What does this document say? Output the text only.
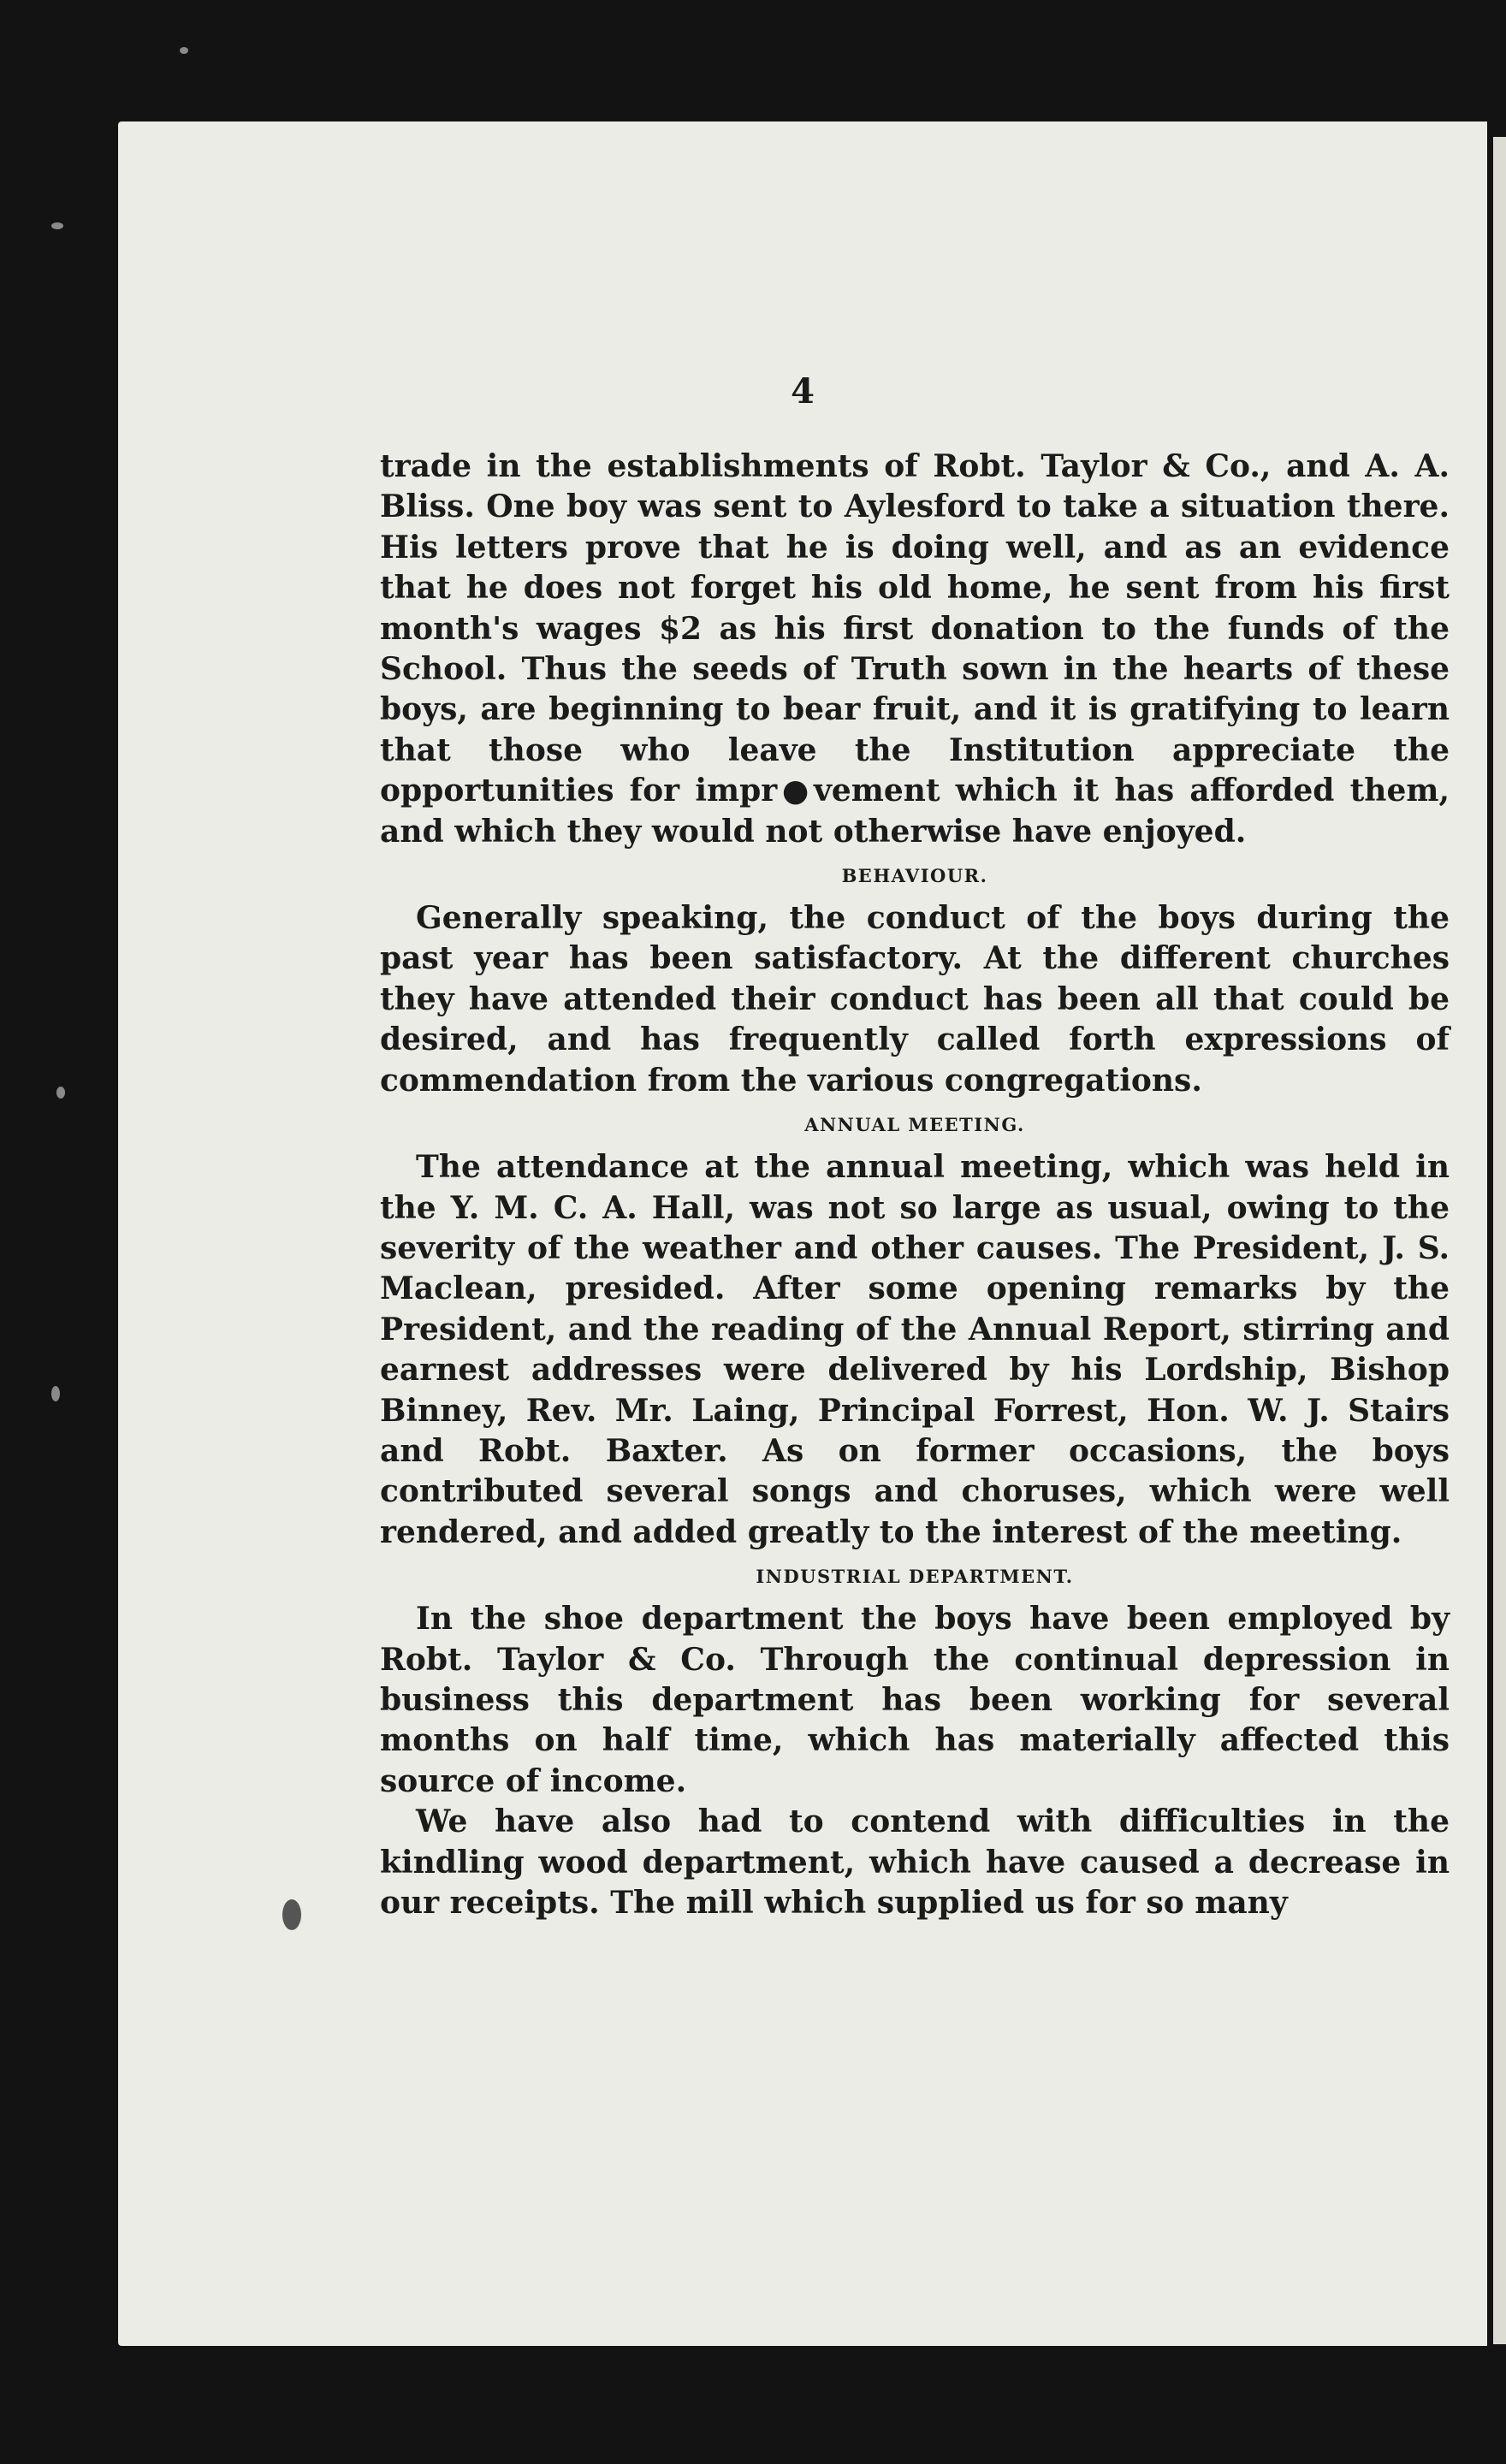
4

trade in the establishments of Robt. Taylor & Co., and A. A. Bliss. One boy was sent to Aylesford to take a situation there. His letters prove that he is doing well, and as an evidence that he does not forget his old home, he sent from his first month's wages $2 as his first donation to the funds of the School. Thus the seeds of Truth sown in the hearts of these boys, are beginning to bear fruit, and it is gratifying to learn that those who leave the Institution appreciate the opportunities for impr●vement which it has afforded them, and which they would not otherwise have enjoyed.

BEHAVIOUR.

Generally speaking, the conduct of the boys during the past year has been satisfactory. At the different churches they have attended their conduct has been all that could be desired, and has frequently called forth expressions of commendation from the various congregations.

ANNUAL MEETING.

The attendance at the annual meeting, which was held in the Y. M. C. A. Hall, was not so large as usual, owing to the severity of the weather and other causes. The President, J. S. Maclean, presided. After some opening remarks by the President, and the reading of the Annual Report, stirring and earnest addresses were delivered by his Lordship, Bishop Binney, Rev. Mr. Laing, Principal Forrest, Hon. W. J. Stairs and Robt. Baxter. As on former occasions, the boys contributed several songs and choruses, which were well rendered, and added greatly to the interest of the meeting.

INDUSTRIAL DEPARTMENT.

In the shoe department the boys have been employed by Robt. Taylor & Co. Through the continual depression in business this department has been working for several months on half time, which has materially affected this source of income.

We have also had to contend with difficulties in the kindling wood department, which have caused a decrease in our receipts. The mill which supplied us for so many
